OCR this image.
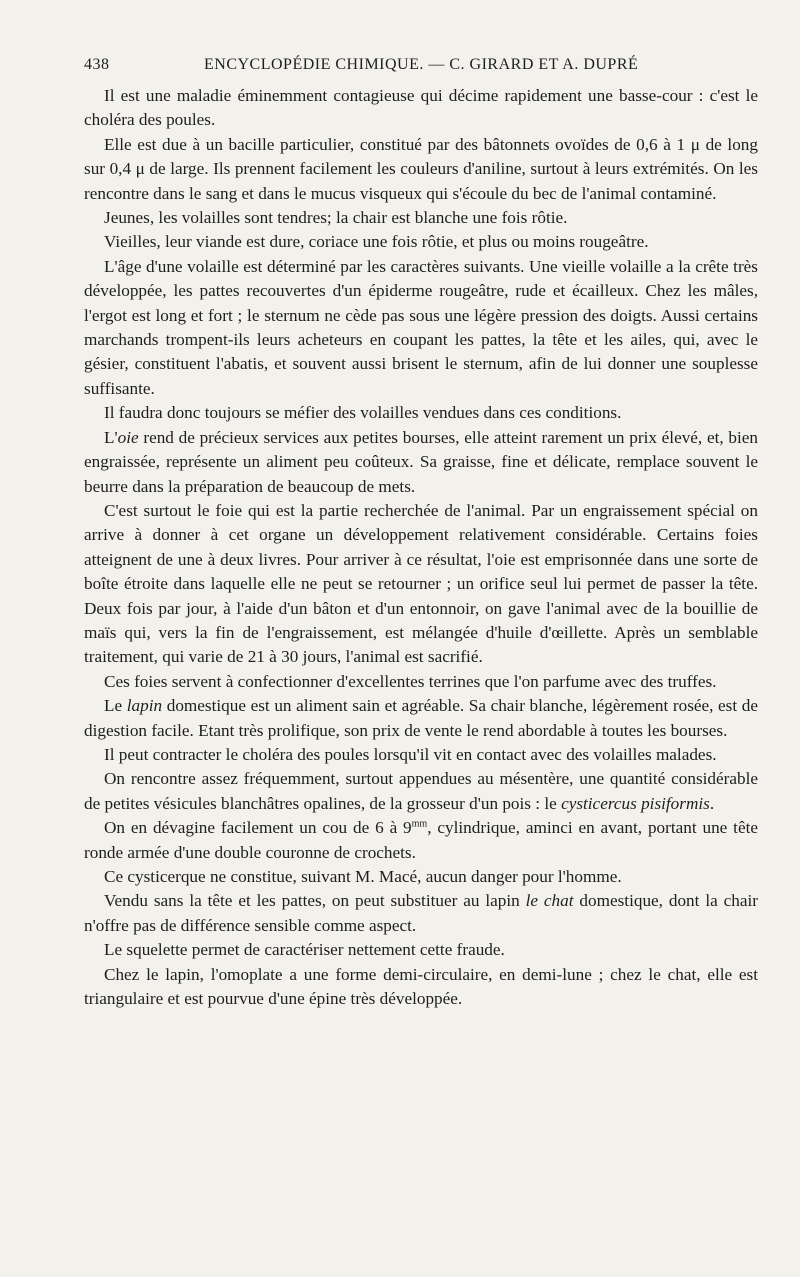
438	ENCYCLOPÉDIE CHIMIQUE. — C. GIRARD ET A. DUPRÉ

Il est une maladie éminemment contagieuse qui décime rapidement une basse-cour : c'est le choléra des poules.

Elle est due à un bacille particulier, constitué par des bâtonnets ovoïdes de 0,6 à 1 μ de long sur 0,4 μ de large. Ils prennent facilement les couleurs d'aniline, surtout à leurs extrémités. On les rencontre dans le sang et dans le mucus visqueux qui s'écoule du bec de l'animal contaminé.

Jeunes, les volailles sont tendres; la chair est blanche une fois rôtie.

Vieilles, leur viande est dure, coriace une fois rôtie, et plus ou moins rougeâtre.

L'âge d'une volaille est déterminé par les caractères suivants. Une vieille volaille a la crête très développée, les pattes recouvertes d'un épiderme rougeâtre, rude et écailleux. Chez les mâles, l'ergot est long et fort ; le sternum ne cède pas sous une légère pression des doigts. Aussi certains marchands trompent-ils leurs acheteurs en coupant les pattes, la tête et les ailes, qui, avec le gésier, constituent l'abatis, et souvent aussi brisent le sternum, afin de lui donner une souplesse suffisante.

Il faudra donc toujours se méfier des volailles vendues dans ces conditions.

L'oie rend de précieux services aux petites bourses, elle atteint rarement un prix élevé, et, bien engraissée, représente un aliment peu coûteux. Sa graisse, fine et délicate, remplace souvent le beurre dans la préparation de beaucoup de mets.

C'est surtout le foie qui est la partie recherchée de l'animal. Par un engraissement spécial on arrive à donner à cet organe un développement relativement considérable. Certains foies atteignent de une à deux livres. Pour arriver à ce résultat, l'oie est emprisonnée dans une sorte de boîte étroite dans laquelle elle ne peut se retourner ; un orifice seul lui permet de passer la tête. Deux fois par jour, à l'aide d'un bâton et d'un entonnoir, on gave l'animal avec de la bouillie de maïs qui, vers la fin de l'engraissement, est mélangée d'huile d'œillette. Après un semblable traitement, qui varie de 21 à 30 jours, l'animal est sacrifié.

Ces foies servent à confectionner d'excellentes terrines que l'on parfume avec des truffes.

Le lapin domestique est un aliment sain et agréable. Sa chair blanche, légèrement rosée, est de digestion facile. Etant très prolifique, son prix de vente le rend abordable à toutes les bourses.

Il peut contracter le choléra des poules lorsqu'il vit en contact avec des volailles malades.

On rencontre assez fréquemment, surtout appendues au mésentère, une quantité considérable de petites vésicules blanchâtres opalines, de la grosseur d'un pois : le cysticercus pisiformis.

On en dévagine facilement un cou de 6 à $9^{mm}$, cylindrique, aminci en avant, portant une tête ronde armée d'une double couronne de crochets.

Ce cysticerque ne constitue, suivant M. Macé, aucun danger pour l'homme.

Vendu sans la tête et les pattes, on peut substituer au lapin le chat domestique, dont la chair n'offre pas de différence sensible comme aspect.

Le squelette permet de caractériser nettement cette fraude.

Chez le lapin, l'omoplate a une forme demi-circulaire, en demi-lune ; chez le chat, elle est triangulaire et est pourvue d'une épine très développée.
